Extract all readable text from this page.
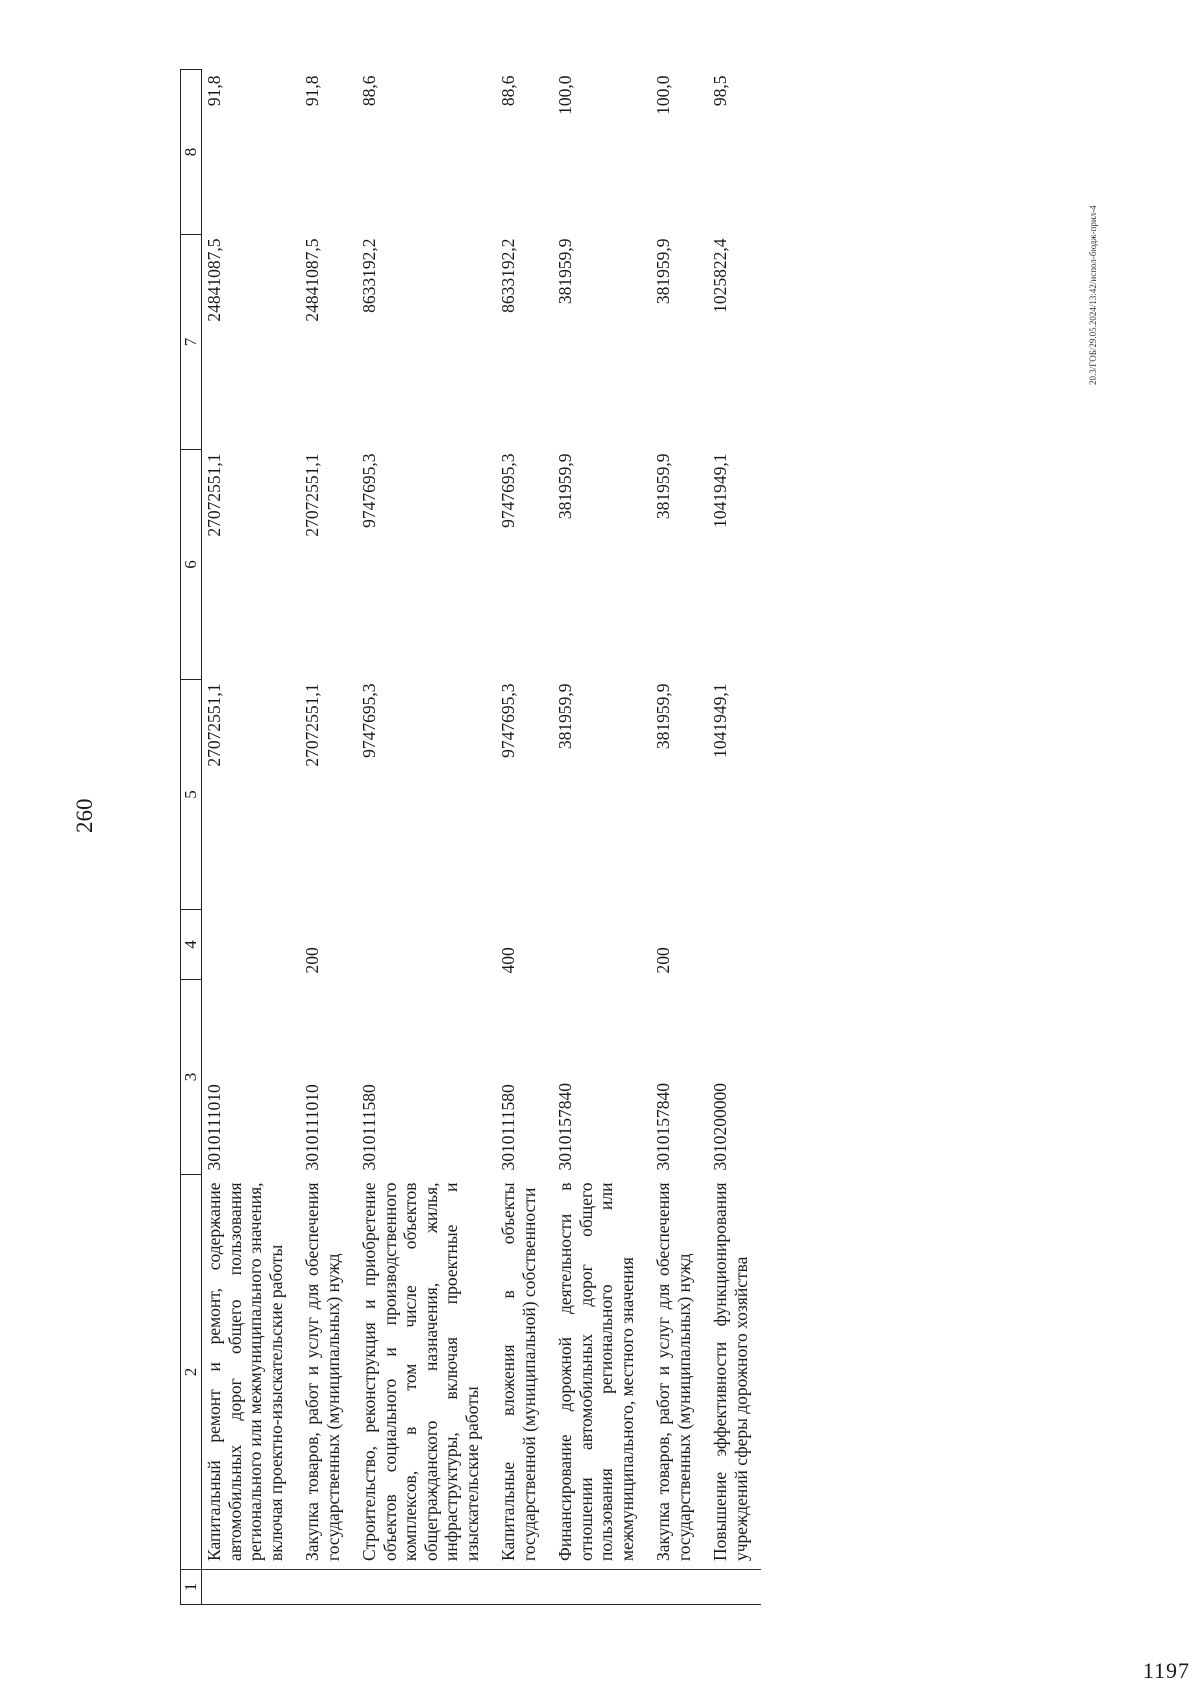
260
20.3/ГОБ/29.05.2024/13:42/испол-бюдж-прил-4
1197
1	2	3	4	5	6	7	8
	Капитальный ремонт и ремонт, содержание автомобильных дорог общего пользования регионального или межмуниципального значения, включая проектно-изыскательские работы	3010111010		27072551,1	27072551,1	24841087,5	91,8
	Закупка товаров, работ и услуг для обеспечения государственных (муниципальных) нужд	3010111010	200	27072551,1	27072551,1	24841087,5	91,8
	Строительство, реконструкция и приобретение объектов социального и производственного комплексов, в том числе объектов общегражданского назначения, жилья, инфраструктуры, включая проектные и изыскательские работы	3010111580		9747695,3	9747695,3	8633192,2	88,6
	Капитальные вложения в объекты государственной (муниципальной) собственности	3010111580	400	9747695,3	9747695,3	8633192,2	88,6
	Финансирование дорожной деятельности в отношении автомобильных дорог общего пользования регионального или межмуниципального, местного значения	3010157840		381959,9	381959,9	381959,9	100,0
	Закупка товаров, работ и услуг для обеспечения государственных (муниципальных) нужд	3010157840	200	381959,9	381959,9	381959,9	100,0
	Повышение эффективности функционирования учреждений сферы дорожного хозяйства	3010200000		1041949,1	1041949,1	1025822,4	98,5
